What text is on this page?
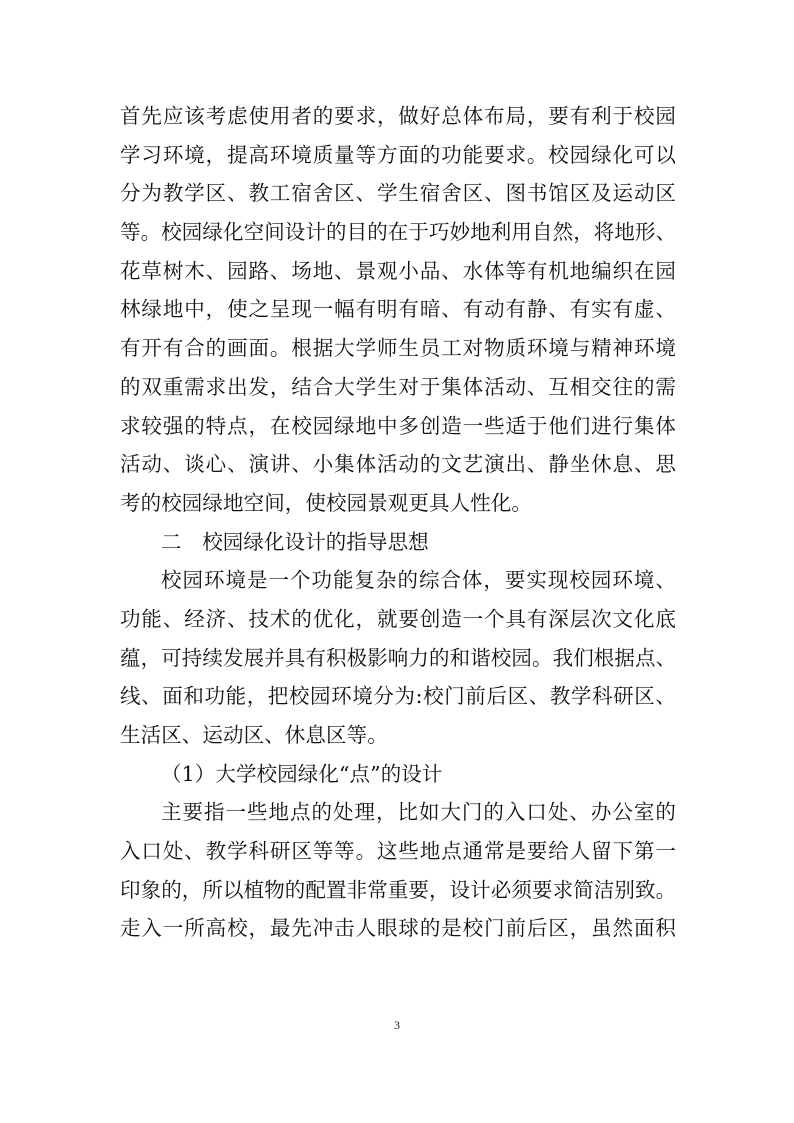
首先应该考虑使用者的要求，做好总体布局，要有利于校园
学习环境，提高环境质量等方面的功能要求。校园绿化可以
分为教学区、教工宿舍区、学生宿舍区、图书馆区及运动区
等。校园绿化空间设计的目的在于巧妙地利用自然，将地形、
花草树木、园路、场地、景观小品、水体等有机地编织在园
林绿地中，使之呈现一幅有明有暗、有动有静、有实有虚、
有开有合的画面。根据大学师生员工对物质环境与精神环境
的双重需求出发，结合大学生对于集体活动、互相交往的需
求较强的特点，在校园绿地中多创造一些适于他们进行集体
活动、谈心、演讲、小集体活动的文艺演出、静坐休息、思
考的校园绿地空间，使校园景观更具人性化。
二　校园绿化设计的指导思想
校园环境是一个功能复杂的综合体，要实现校园环境、
功能、经济、技术的优化，就要创造一个具有深层次文化底
蕴，可持续发展并具有积极影响力的和谐校园。我们根据点、
线、面和功能，把校园环境分为:校门前后区、教学科研区、
生活区、运动区、休息区等。
（1）大学校园绿化“点”的设计
主要指一些地点的处理，比如大门的入口处、办公室的
入口处、教学科研区等等。这些地点通常是要给人留下第一
印象的，所以植物的配置非常重要，设计必须要求简洁别致。
走入一所高校，最先冲击人眼球的是校门前后区，虽然面积
3
